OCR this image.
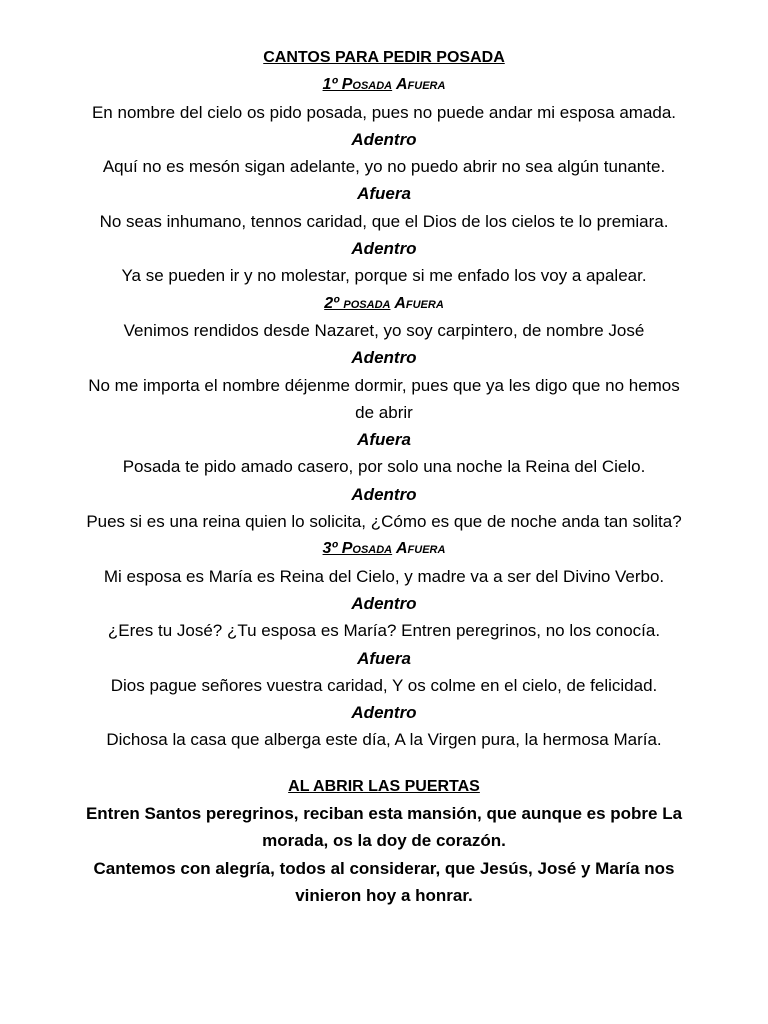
CANTOS PARA PEDIR POSADA

1º Posada Afuera

En nombre del cielo os pido posada, pues no puede andar mi esposa amada.

Adentro

Aquí no es mesón sigan adelante, yo no puedo abrir no sea algún tunante.

Afuera

No seas inhumano, tennos caridad, que el Dios de los cielos te lo premiara.

Adentro

Ya se pueden ir y no molestar, porque si me enfado los voy a apalear.

2º posada Afuera

Venimos rendidos desde Nazaret, yo soy carpintero, de nombre José

Adentro

No me importa el nombre déjenme dormir, pues que ya les digo que no hemos

de abrir

Afuera

Posada te pido amado casero, por solo una noche la Reina del Cielo.

Adentro

Pues si es una reina quien lo solicita, ¿Cómo es que de noche anda tan solita?

3º Posada Afuera

Mi esposa es María es Reina del Cielo, y madre va a ser del Divino Verbo.

Adentro

¿Eres tu José? ¿Tu esposa es María? Entren peregrinos, no los conocía.

Afuera

Dios pague señores vuestra caridad, Y os colme en el cielo, de felicidad.

Adentro

Dichosa la casa que alberga este día, A la Virgen pura, la hermosa María.

AL ABRIR LAS PUERTAS

Entren Santos peregrinos, reciban esta mansión, que aunque es pobre La

morada, os la doy de corazón.

Cantemos con alegría, todos al considerar, que Jesús, José y María nos

vinieron hoy a honrar.
